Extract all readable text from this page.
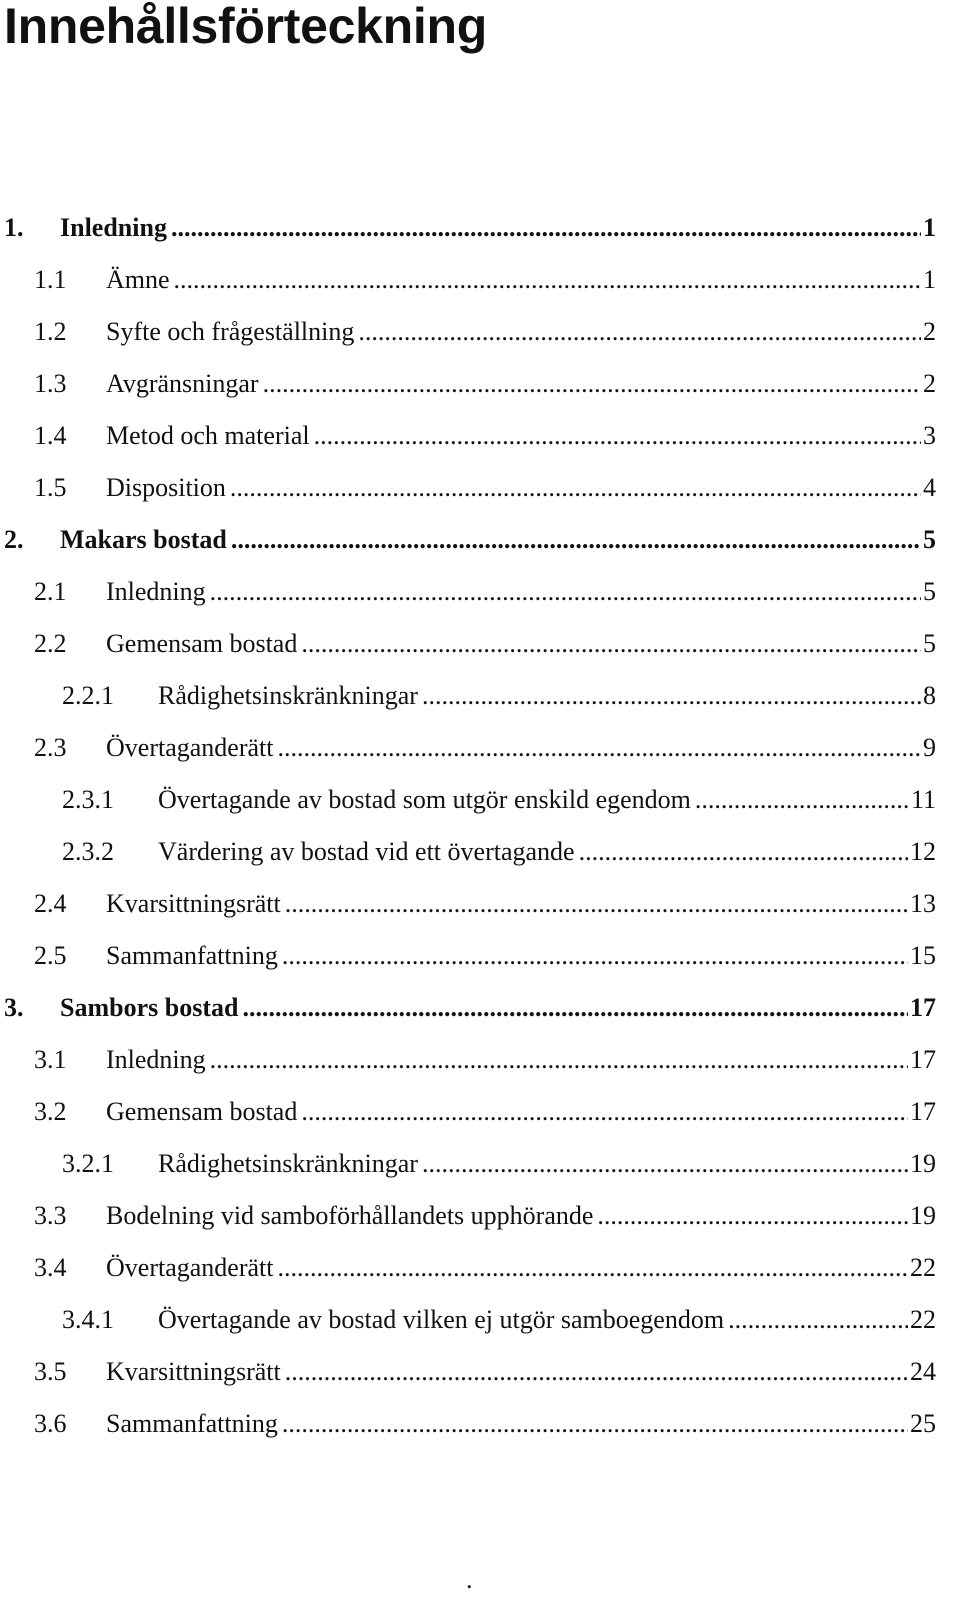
Innehållsförteckning
1.	Inledning .....	1
1.1	Ämne .....	1
1.2	Syfte och frågeställning .....	2
1.3	Avgränsningar .....	2
1.4	Metod och material .....	3
1.5	Disposition .....	4
2.	Makars bostad .....	5
2.1	Inledning .....	5
2.2	Gemensam bostad .....	5
2.2.1	Rådighetsinskränkningar .....	8
2.3	Övertaganderätt .....	9
2.3.1	Övertagande av bostad som utgör enskild egendom .....	11
2.3.2	Värdering av bostad vid ett övertagande .....	12
2.4	Kvarsittningsrätt .....	13
2.5	Sammanfattning .....	15
3.	Sambors bostad .....	17
3.1	Inledning .....	17
3.2	Gemensam bostad .....	17
3.2.1	Rådighetsinskränkningar .....	19
3.3	Bodelning vid samboförhållandets upphörande .....	19
3.4	Övertaganderätt .....	22
3.4.1	Övertagande av bostad vilken ej utgör samboegendom .....	22
3.5	Kvarsittningsrätt .....	24
3.6	Sammanfattning .....	25
.
